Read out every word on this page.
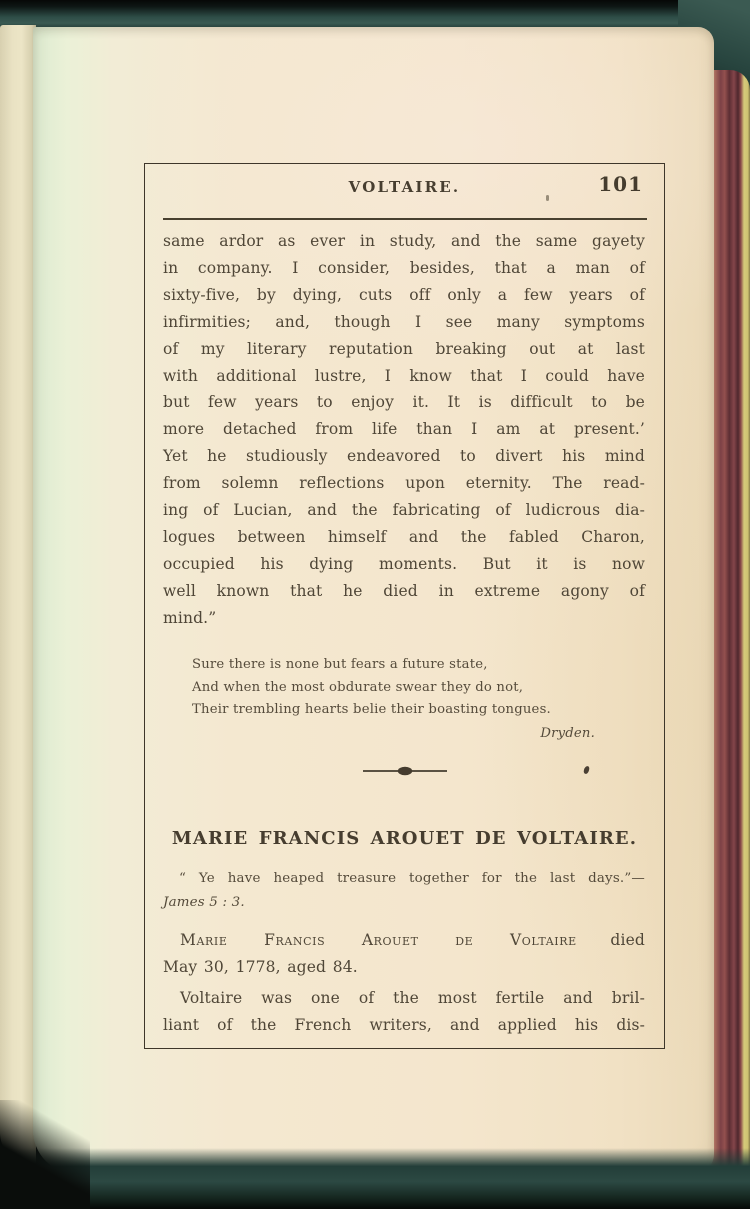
VOLTAIRE.	101
same ardor as ever in study, and the same gayety
in company. I consider, besides, that a man of
sixty-five, by dying, cuts off only a few years of
infirmities; and, though I see many symptoms
of my literary reputation breaking out at last
with additional lustre, I know that I could have
but few years to enjoy it. It is difficult to be
more detached from life than I am at present.’
Yet he studiously endeavored to divert his mind
from solemn reflections upon eternity. The read-
ing of Lucian, and the fabricating of ludicrous dia-
logues between himself and the fabled Charon,
occupied his dying moments. But it is now
well known that he died in extreme agony of
mind.”
Sure there is none but fears a future state,
And when the most obdurate swear they do not,
Their trembling hearts belie their boasting tongues.
Dryden.
MARIE FRANCIS AROUET DE VOLTAIRE.
“ Ye have heaped treasure together for the last days.”—
James 5 : 3.
Marie Francis Arouet de Voltaire died
May 30, 1778, aged 84.
Voltaire was one of the most fertile and bril-
liant of the French writers, and applied his dis-
